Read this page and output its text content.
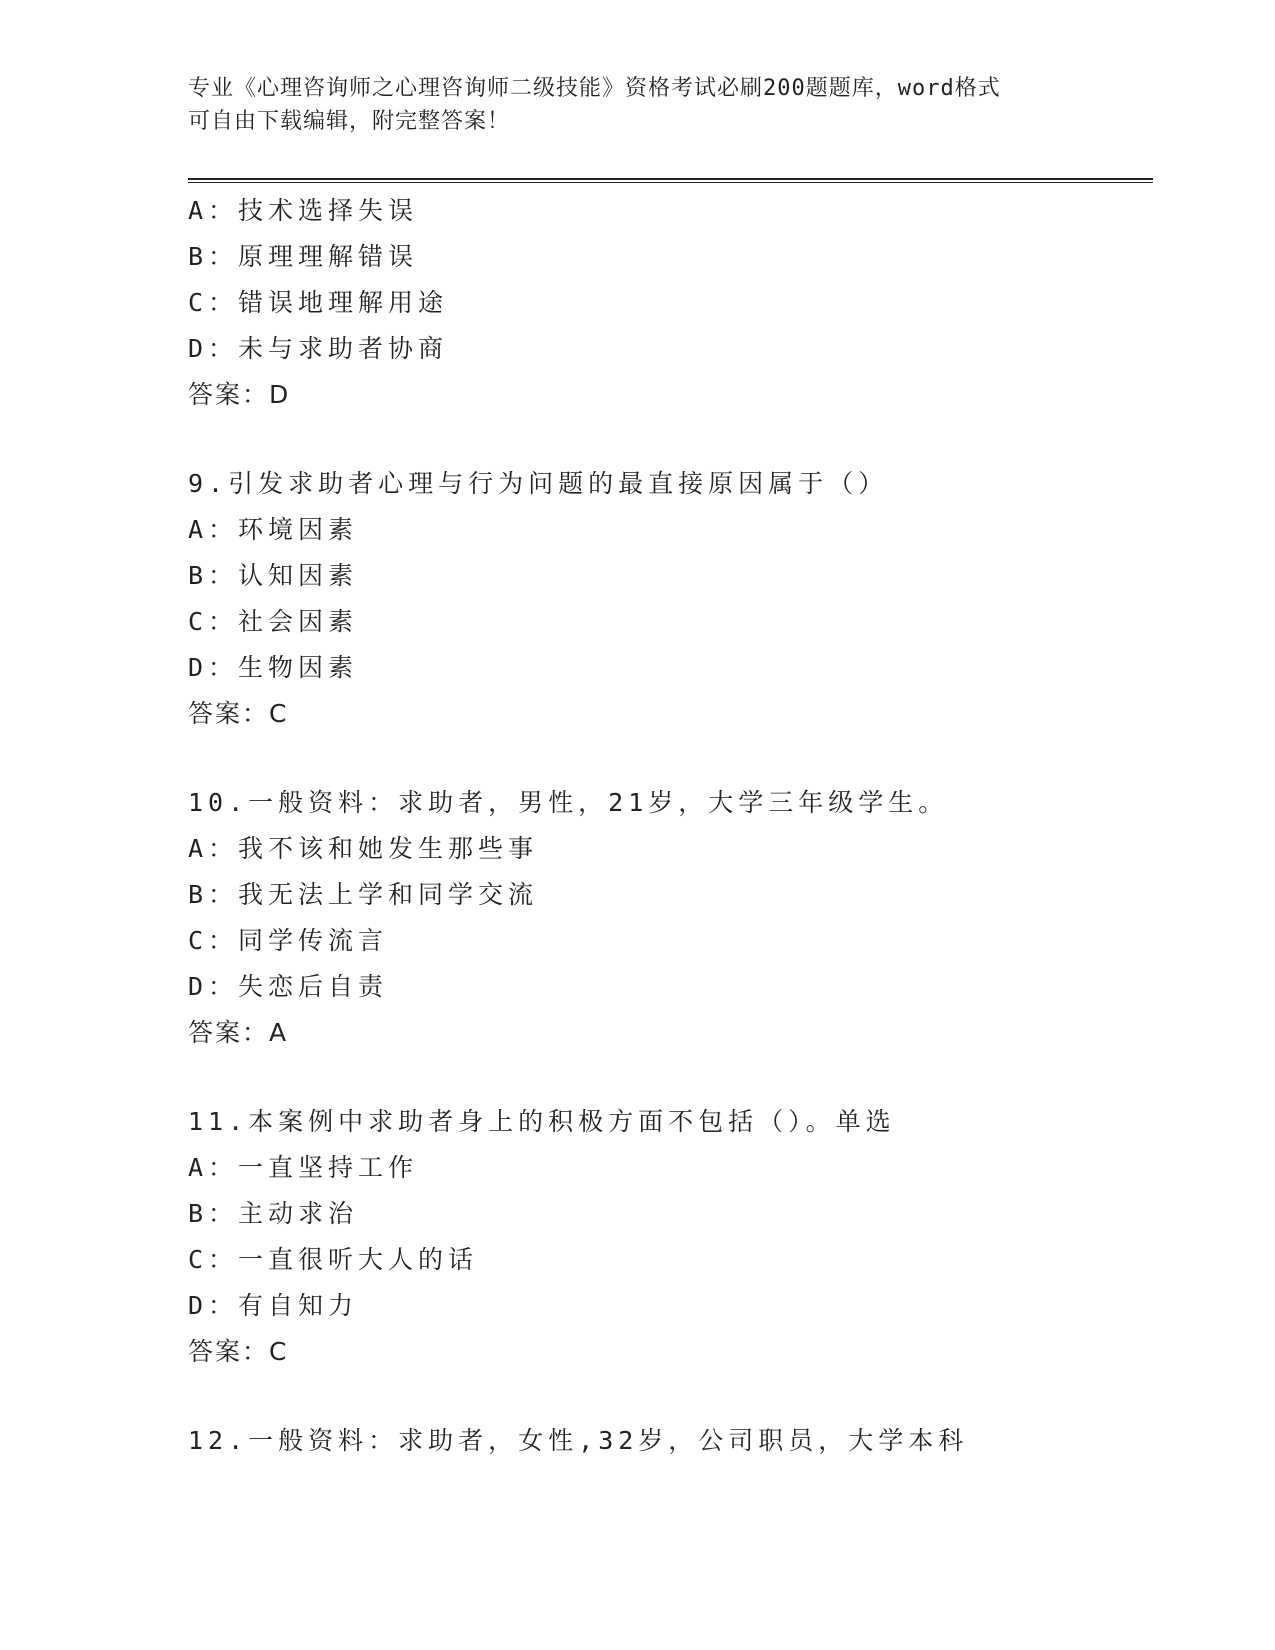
专业《心理咨询师之心理咨询师二级技能》资格考试必刷200题题库，word格式
可自由下载编辑，附完整答案！
A：技术选择失误
B：原理理解错误
C：错误地理解用途
D：未与求助者协商
答案：D
9.引发求助者心理与行为问题的最直接原因属于（）
A：环境因素
B：认知因素
C：社会因素
D：生物因素
答案：C
10.一般资料：求助者，男性，21岁，大学三年级学生。
A：我不该和她发生那些事
B：我无法上学和同学交流
C：同学传流言
D：失恋后自责
答案：A
11.本案例中求助者身上的积极方面不包括（）。单选
A：一直坚持工作
B：主动求治
C：一直很听大人的话
D：有自知力
答案：C
12.一般资料：求助者，女性,32岁，公司职员，大学本科
